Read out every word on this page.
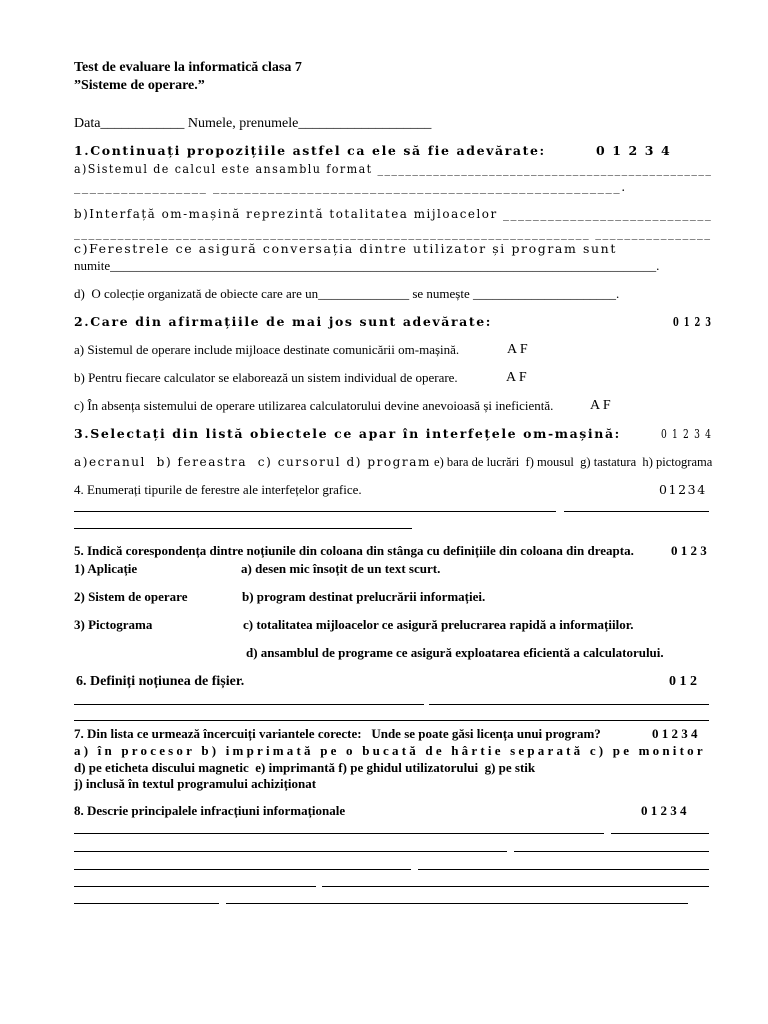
Test de evaluare la informatică clasa 7
”Sisteme de operare.”
Data____________ Numele, prenumele___________________
1.Continuați propozițiile astfel ca ele să fie adevărate:	0 1 2 3 4
a)Sistemul de calcul este ansamblu format ________________________________________________
_________________ ____________________________________________________.
b)Interfață om-mașină reprezintă totalitatea mijloacelor ____________________________
_______________________________________________________________________ ________________
c)Ferestrele ce asigură conversația dintre utilizator și program sunt
numite____________________________________________________________________________________.
d)  O colecție organizată de obiecte care are un______________ se numește ______________________.
2.Care din afirmațiile de mai jos sunt adevărate:	0 1 2 3
a) Sistemul de operare include mijloace destinate comunicării om-mașină.	A F
b) Pentru fiecare calculator se elaborează un sistem individual de operare.	A F
c) În absența sistemului de operare utilizarea calculatorului devine anevoioasă și ineficientă.	A F
3.Selectați din listă obiectele ce apar în interfețele om-mașină:	0 1 2 3 4
a)ecranul  b) fereastra  c) cursorul d) program e) bara de lucrări  f) mousul  g) tastatura  h) pictograma
4. Enumerați tipurile de ferestre ale interfețelor grafice.	01234
5. Indică corespondența dintre noțiunile din coloana din stânga cu definițiile din coloana din dreapta.	0 1 2 3
1) Aplicație	a) desen mic însoțit de un text scurt.
2) Sistem de operare	b) program destinat prelucrării informației.
3) Pictograma	c) totalitatea mijloacelor ce asigură prelucrarea rapidă a informațiilor.
d) ansamblul de programe ce asigură exploatarea eficientă a calculatorului.
6. Definiți noțiunea de fișier.	0 1 2
7. Din lista ce urmează încercuiți variantele corecte:   Unde se poate găsi licența unui program?	0 1 2 3 4
a) în procesor b) imprimată pe o bucată de hârtie separată c) pe monitor
d) pe eticheta discului magnetic  e) imprimantă f) pe ghidul utilizatorului  g) pe stik
j) inclusă în textul programului achiziționat
8. Descrie principalele infracțiuni informaționale	0 1 2 3 4
